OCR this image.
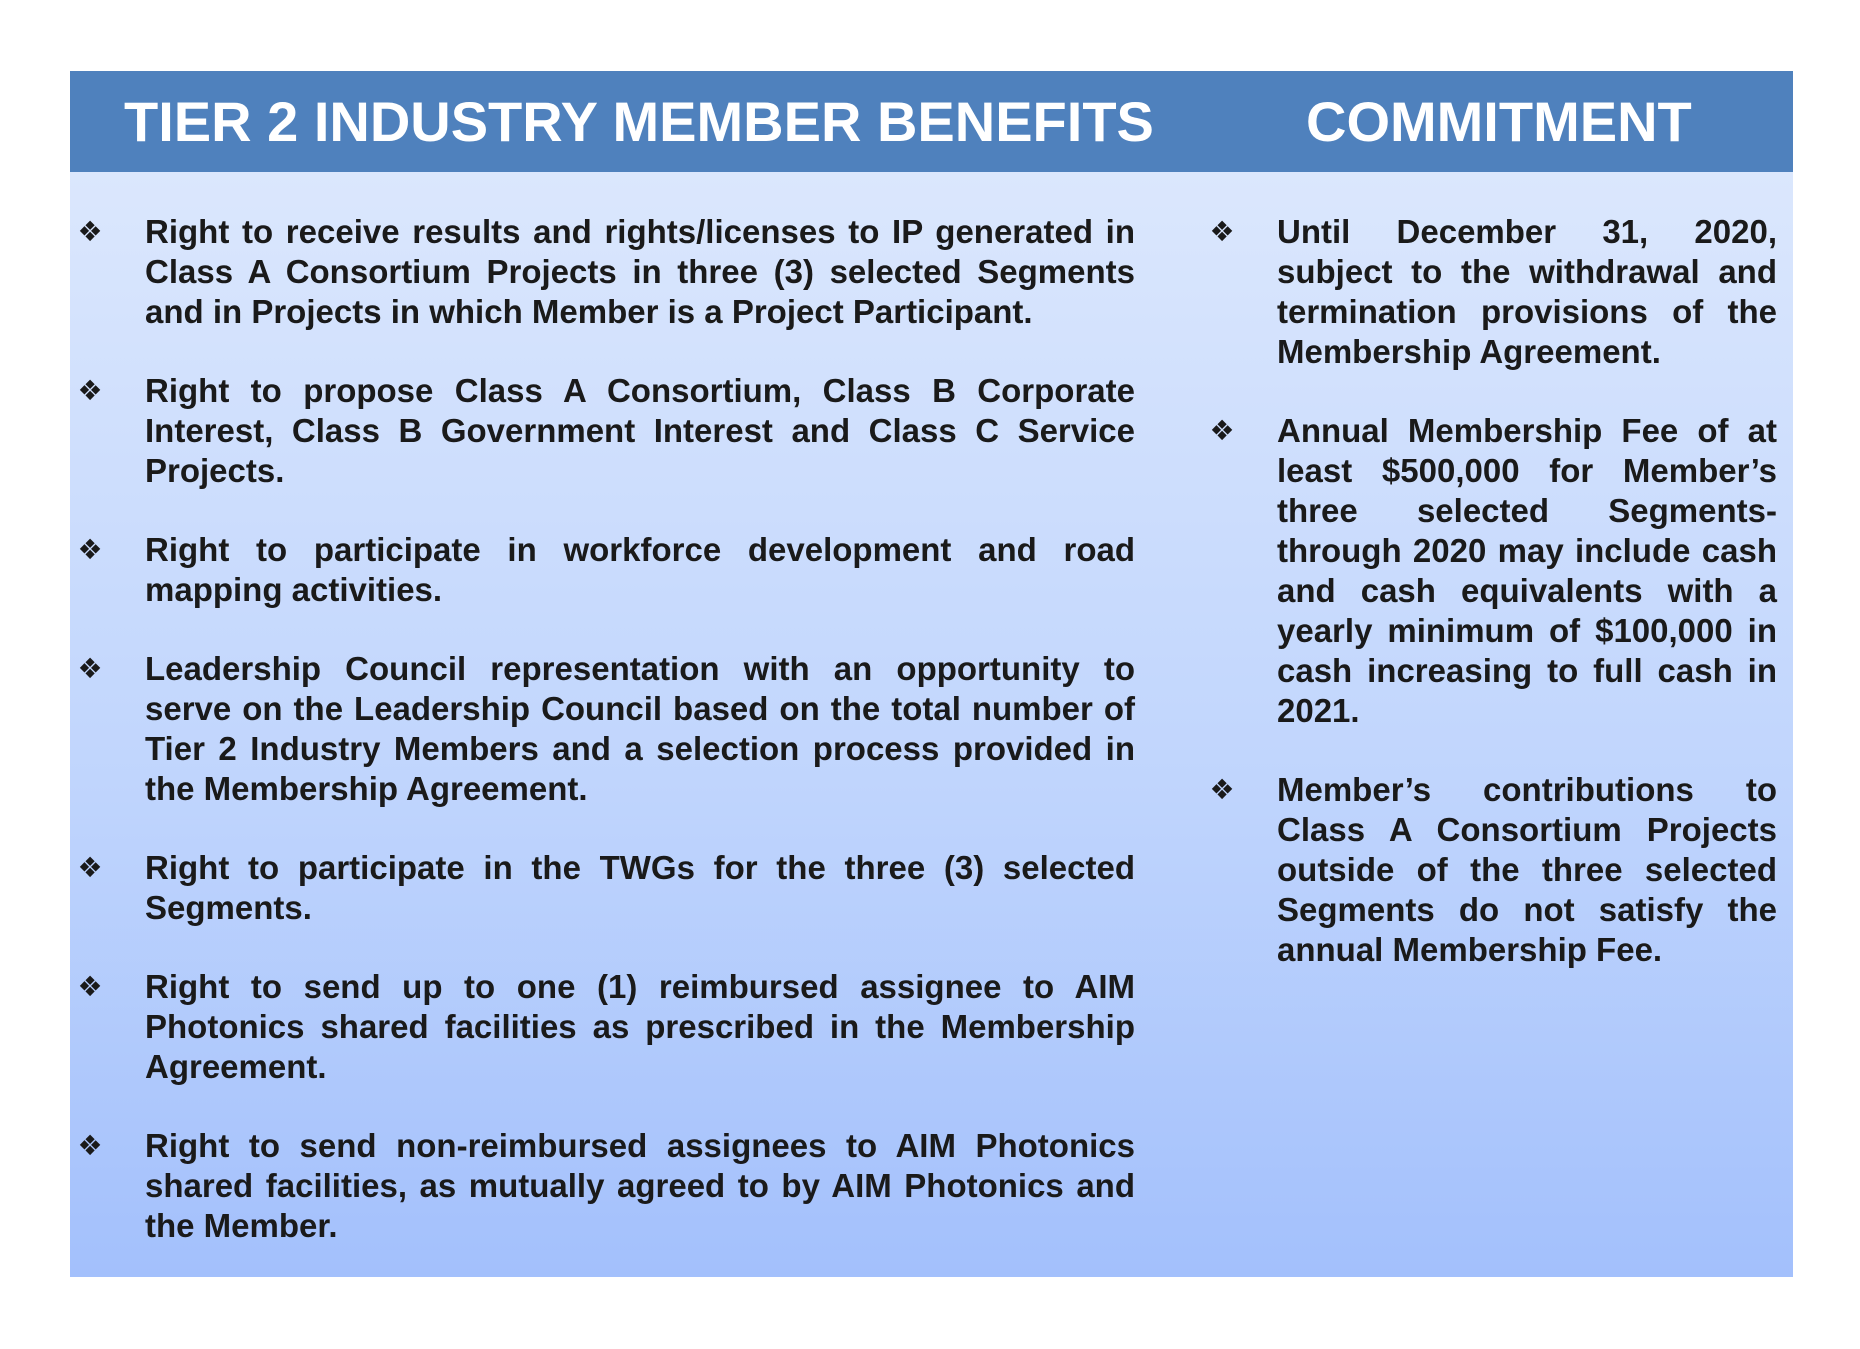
TIER 2 INDUSTRY MEMBER BENEFITS	COMMITMENT
❖ Right to receive results and rights/licenses to IP generated in Class A Consortium Projects in three (3) selected Segments and in Projects in which Member is a Project Participant.
❖ Right to propose Class A Consortium, Class B Corporate Interest, Class B Government Interest and Class C Service Projects.
❖ Right to participate in workforce development and road mapping activities.
❖ Leadership Council representation with an opportunity to serve on the Leadership Council based on the total number of Tier 2 Industry Members and a selection process provided in the Membership Agreement.
❖ Right to participate in the TWGs for the three (3) selected Segments.
❖ Right to send up to one (1) reimbursed assignee to AIM Photonics shared facilities as prescribed in the Membership Agreement.
❖ Right to send non-reimbursed assignees to AIM Photonics shared facilities, as mutually agreed to by AIM Photonics and the Member.
❖ Until December 31, 2020, subject to the withdrawal and termination provisions of the Membership Agreement.
❖ Annual Membership Fee of at least $500,000 for Member’s three selected Segments- through 2020 may include cash and cash equivalents with a yearly minimum of $100,000 in cash increasing to full cash in 2021.
❖ Member’s contributions to Class A Consortium Projects outside of the three selected Segments do not satisfy the annual Membership Fee.
